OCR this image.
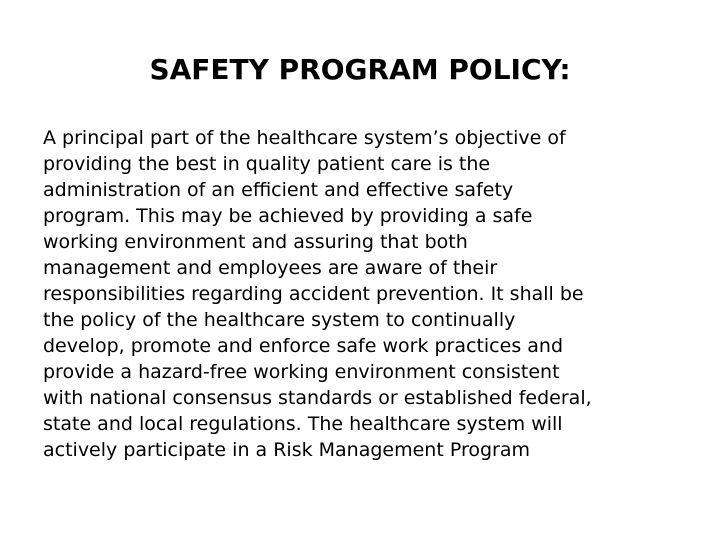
SAFETY PROGRAM POLICY:
A principal part of the healthcare system’s objective of
providing the best in quality patient care is the
administration of an efficient and effective safety
program. This may be achieved by providing a safe
working environment and assuring that both
management and employees are aware of their
responsibilities regarding accident prevention. It shall be
the policy of the healthcare system to continually
develop, promote and enforce safe work practices and
provide a hazard-free working environment consistent
with national consensus standards or established federal,
state and local regulations. The healthcare system will
actively participate in a Risk Management Program
